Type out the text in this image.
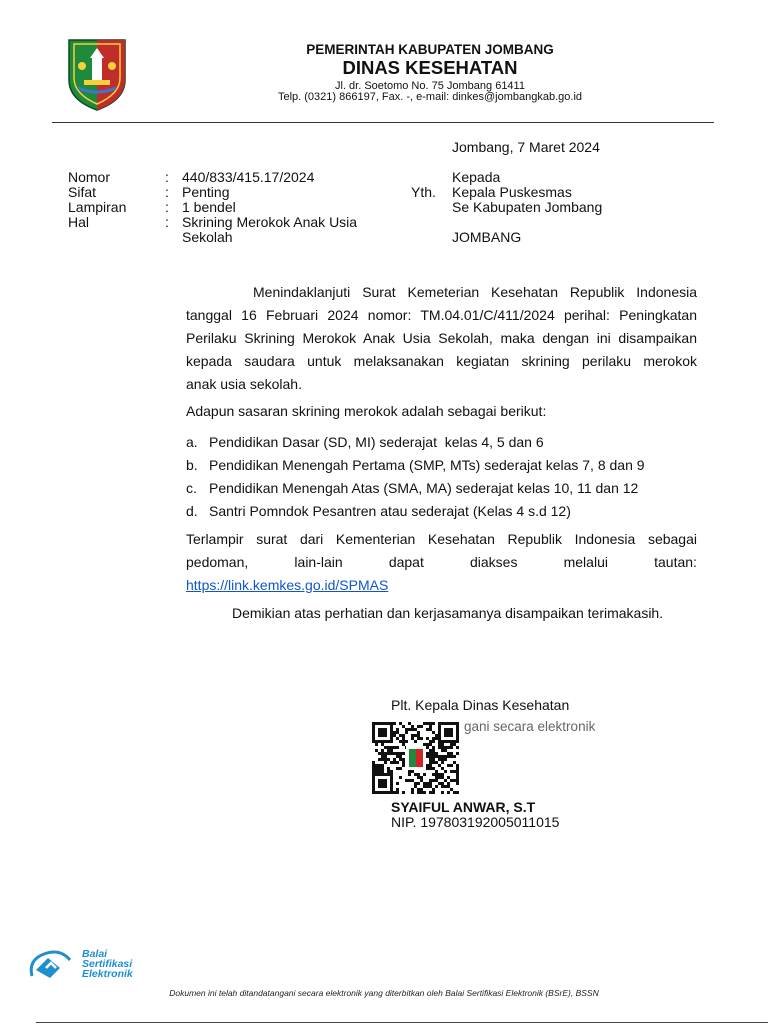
PEMERINTAH KABUPATEN JOMBANG
DINAS KESEHATAN
Jl. dr. Soetomo No. 75 Jombang 61411
Telp. (0321) 866197, Fax. -, e-mail: dinkes@jombangkab.go.id
Jombang, 7 Maret 2024
Nomor	: 440/833/415.17/2024
Sifat	: Penting
Lampiran	: 1 bendel
Hal	: Skrining Merokok Anak Usia
Sekolah
Kepada
Yth. Kepala Puskesmas
Se Kabupaten Jombang
JOMBANG
Menindaklanjuti Surat Kemeterian Kesehatan Republik Indonesia
tanggal 16 Februari 2024 nomor: TM.04.01/C/411/2024 perihal: Peningkatan
Perilaku Skrining Merokok Anak Usia Sekolah, maka dengan ini disampaikan
kepada saudara untuk melaksanakan kegiatan skrining perilaku merokok
anak usia sekolah.
Adapun sasaran skrining merokok adalah sebagai berikut:
a. Pendidikan Dasar (SD, MI) sederajat  kelas 4, 5 dan 6
b. Pendidikan Menengah Pertama (SMP, MTs) sederajat kelas 7, 8 dan 9
c. Pendidikan Menengah Atas (SMA, MA) sederajat kelas 10, 11 dan 12
d. Santri Pomndok Pesantren atau sederajat (Kelas 4 s.d 12)
Terlampir surat dari Kementerian Kesehatan Republik Indonesia sebagai
pedoman,	lain-lain	dapat	diakses	melalui	tautan:
https://link.kemkes.go.id/SPMAS
Demikian atas perhatian dan kerjasamanya disampaikan terimakasih.
Plt. Kepala Dinas Kesehatan
gani secara elektronik
SYAIFUL ANWAR, S.T
NIP. 197803192005011015
Balai
Sertifikasi
Elektronik
Dokumen ini telah ditandatangani secara elektronik yang diterbitkan oleh Balai Sertifikasi Elektronik (BSrE), BSSN
